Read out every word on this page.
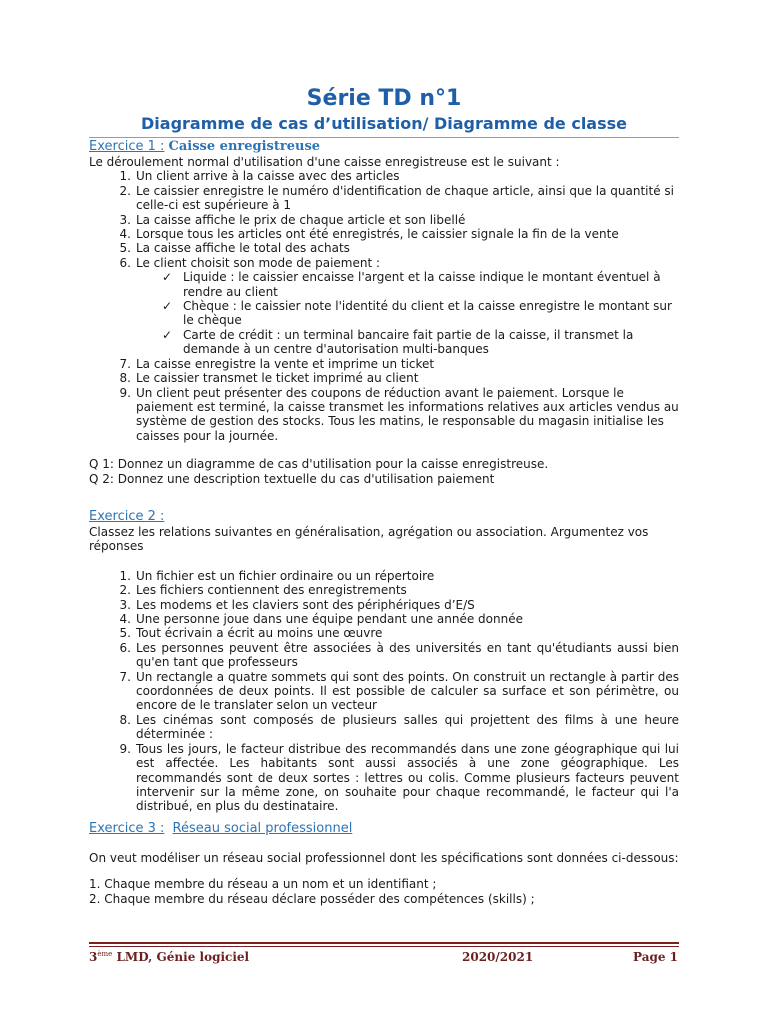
Série TD n°1
Diagramme de cas d’utilisation/ Diagramme de classe
Exercice 1 : Caisse enregistreuse

Le déroulement normal d'utilisation d'une caisse enregistreuse est le suivant :

1. Un client arrive à la caisse avec des articles
2. Le caissier enregistre le numéro d'identification de chaque article, ainsi que la quantité si celle-ci est supérieure à 1
3. La caisse affiche le prix de chaque article et son libellé
4. Lorsque tous les articles ont été enregistrés, le caissier signale la fin de la vente
5. La caisse affiche le total des achats
6. Le client choisit son mode de paiement :
✓ Liquide : le caissier encaisse l'argent et la caisse indique le montant éventuel à rendre au client
✓ Chèque : le caissier note l'identité du client et la caisse enregistre le montant sur le chèque
✓ Carte de crédit : un terminal bancaire fait partie de la caisse, il transmet la demande à un centre d'autorisation multi-banques
7. La caisse enregistre la vente et imprime un ticket
8. Le caissier transmet le ticket imprimé au client
9. Un client peut présenter des coupons de réduction avant le paiement. Lorsque le paiement est terminé, la caisse transmet les informations relatives aux articles vendus au système de gestion des stocks. Tous les matins, le responsable du magasin initialise les caisses pour la journée.

Q 1: Donnez un diagramme de cas d'utilisation pour la caisse enregistreuse.

Q 2: Donnez une description textuelle du cas d'utilisation paiement

Exercice 2 :

Classez les relations suivantes en généralisation, agrégation ou association. Argumentez vos réponses

1. Un fichier est un fichier ordinaire ou un répertoire
2. Les fichiers contiennent des enregistrements
3. Les modems et les claviers sont des périphériques d’E/S
4. Une personne joue dans une équipe pendant une année donnée
5. Tout écrivain a écrit au moins une œuvre
6. Les personnes peuvent être associées à des universités en tant qu'étudiants aussi bien qu'en tant que professeurs
7. Un rectangle a quatre sommets qui sont des points. On construit un rectangle à partir des coordonnées de deux points. Il est possible de calculer sa surface et son périmètre, ou encore de le translater selon un vecteur
8. Les cinémas sont composés de plusieurs salles qui projettent des films à une heure déterminée :
9. Tous les jours, le facteur distribue des recommandés dans une zone géographique qui lui est affectée. Les habitants sont aussi associés à une zone géographique. Les recommandés sont de deux sortes : lettres ou colis. Comme plusieurs facteurs peuvent intervenir sur la même zone, on souhaite pour chaque recommandé, le facteur qui l'a distribué, en plus du destinataire.
Exercice 3 : Réseau social professionnel

On veut modéliser un réseau social professionnel dont les spécifications sont données ci-dessous:

1. Chaque membre du réseau a un nom et un identifiant ;

2. Chaque membre du réseau déclare posséder des compétences (skills) ;

3ème LMD, Génie logiciel	2020/2021	Page 1
